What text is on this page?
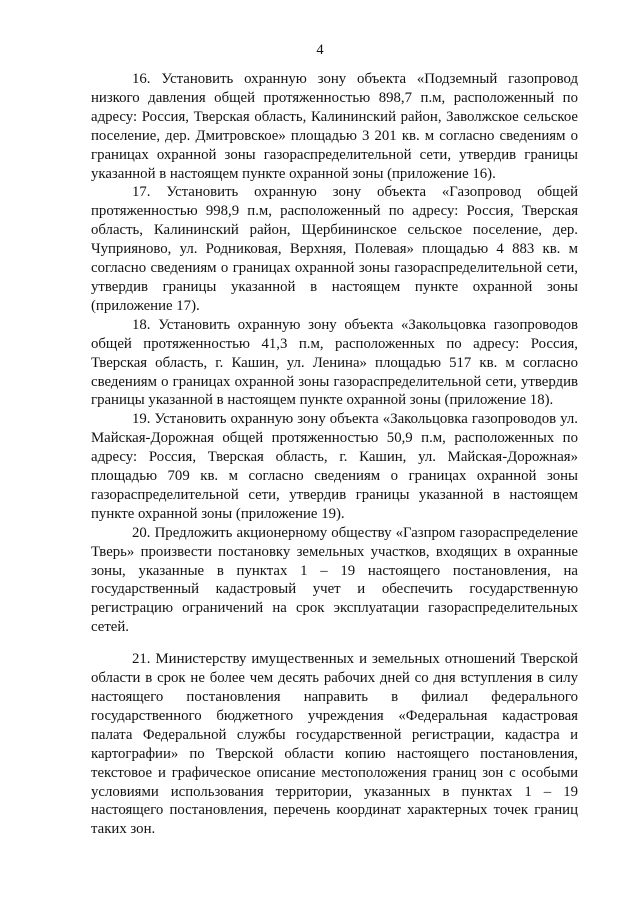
4

16. Установить охранную зону объекта «Подземный газопровод низкого давления общей протяженностью 898,7 п.м, расположенный по адресу: Россия, Тверская область, Калининский район, Заволжское сельское поселение, дер. Дмитровское» площадью 3 201 кв. м согласно сведениям о границах охранной зоны газораспределительной сети, утвердив границы указанной в настоящем пункте охранной зоны (приложение 16).

17. Установить охранную зону объекта «Газопровод общей протяженностью 998,9 п.м, расположенный по адресу: Россия, Тверская область, Калининский район, Щербининское сельское поселение, дер. Чуприяново, ул. Родниковая, Верхняя, Полевая» площадью 4 883 кв. м согласно сведениям о границах охранной зоны газораспределительной сети, утвердив границы указанной в настоящем пункте охранной зоны (приложение 17).

18. Установить охранную зону объекта «Закольцовка газопроводов общей протяженностью 41,3 п.м, расположенных по адресу: Россия, Тверская область, г. Кашин, ул. Ленина» площадью 517 кв. м согласно сведениям о границах охранной зоны газораспределительной сети, утвердив границы указанной в настоящем пункте охранной зоны (приложение 18).

19. Установить охранную зону объекта «Закольцовка газопроводов ул. Майская-Дорожная общей протяженностью 50,9 п.м, расположенных по адресу: Россия, Тверская область, г. Кашин, ул. Майская-Дорожная» площадью 709 кв. м согласно сведениям о границах охранной зоны газораспределительной сети, утвердив границы указанной в настоящем пункте охранной зоны (приложение 19).

20. Предложить акционерному обществу «Газпром газораспределение Тверь» произвести постановку земельных участков, входящих в охранные зоны, указанные в пунктах 1 – 19 настоящего постановления, на государственный кадастровый учет и обеспечить государственную регистрацию ограничений на срок эксплуатации газораспределительных сетей.

21. Министерству имущественных и земельных отношений Тверской области в срок не более чем десять рабочих дней со дня вступления в силу настоящего постановления направить в филиал федерального государственного бюджетного учреждения «Федеральная кадастровая палата Федеральной службы государственной регистрации, кадастра и картографии» по Тверской области копию настоящего постановления, текстовое и графическое описание местоположения границ зон с особыми условиями использования территории, указанных в пунктах 1 – 19 настоящего постановления, перечень координат характерных точек границ таких зон.
